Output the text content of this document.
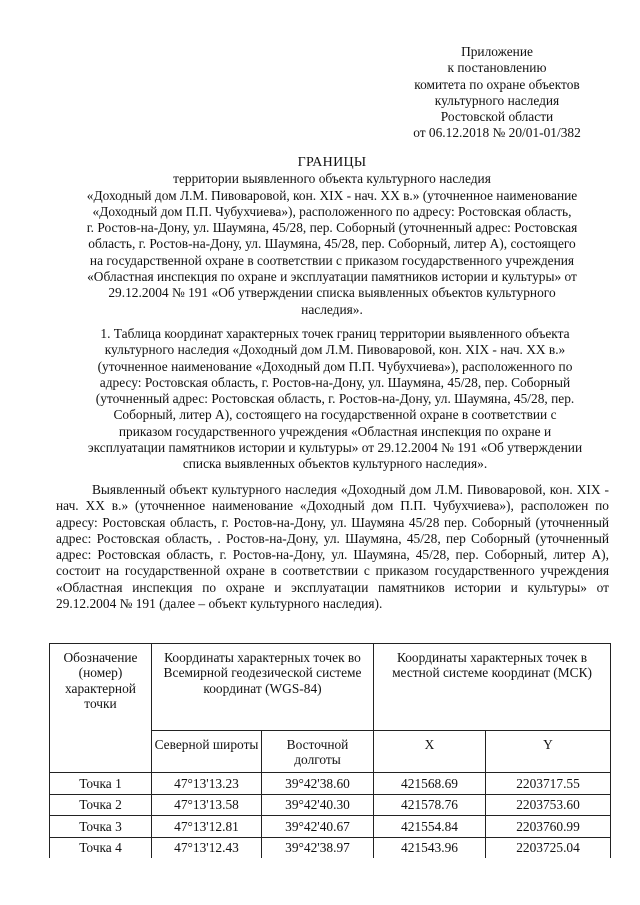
Приложение
к постановлению
комитета по охране объектов
культурного наследия
Ростовской области
от 06.12.2018 № 20/01-01/382
ГРАНИЦЫ
территории выявленного объекта культурного наследия
«Доходный дом Л.М. Пивоваровой, кон. XIX - нач. XX в.» (уточненное наименование
«Доходный дом П.П. Чубухчиева»), расположенного по адресу: Ростовская область,
г. Ростов-на-Дону, ул. Шаумяна, 45/28, пер. Соборный (уточненный адрес: Ростовская
область, г. Ростов-на-Дону, ул. Шаумяна, 45/28, пер. Соборный, литер А), состоящего
на государственной охране в соответствии с приказом государственного учреждения
«Областная инспекция по охране и эксплуатации памятников истории и культуры» от
29.12.2004 № 191 «Об утверждении списка выявленных объектов культурного
наследия».
1. Таблица координат характерных точек границ территории выявленного объекта
культурного наследия «Доходный дом Л.М. Пивоваровой, кон. XIX - нач. XX в.»
(уточненное наименование «Доходный дом П.П. Чубухчиева»), расположенного по
адресу: Ростовская область, г. Ростов-на-Дону, ул. Шаумяна, 45/28, пер. Соборный
(уточненный адрес: Ростовская область, г. Ростов-на-Дону, ул. Шаумяна, 45/28, пер.
Соборный, литер А), состоящего на государственной охране в соответствии с
приказом государственного учреждения «Областная инспекция по охране и
эксплуатации памятников истории и культуры» от 29.12.2004 № 191 «Об утверждении
списка выявленных объектов культурного наследия».
Выявленный объект культурного наследия «Доходный дом Л.М. Пивоваровой, кон. XIX - нач. XX в.» (уточненное наименование «Доходный дом П.П. Чубухчиева»), расположен по адресу: Ростовская область, г. Ростов-на-Дону, ул. Шаумяна 45/28 пер. Соборный (уточненный адрес: Ростовская область, . Ростов-на-Дону, ул. Шаумяна, 45/28, пер Соборный (уточненный адрес: Ростовская область, г. Ростов-на-Дону, ул. Шаумяна, 45/28, пер. Соборный, литер А), состоит на государственной охране в соответствии с приказом государственного учреждения «Областная инспекция по охране и эксплуатации памятников истории и культуры» от 29.12.2004 № 191 (далее – объект культурного наследия).
Обозначение (номер) характерной точки	Координаты характерных точек во Всемирной геодезической системе координат (WGS-84)		Координаты характерных точек в местной системе координат (МСК)	
	Северной широты	Восточной долготы	X	Y
Точка 1	47°13'13.23	39°42'38.60	421568.69	2203717.55
Точка 2	47°13'13.58	39°42'40.30	421578.76	2203753.60
Точка 3	47°13'12.81	39°42'40.67	421554.84	2203760.99
Точка 4	47°13'12.43	39°42'38.97	421543.96	2203725.04
